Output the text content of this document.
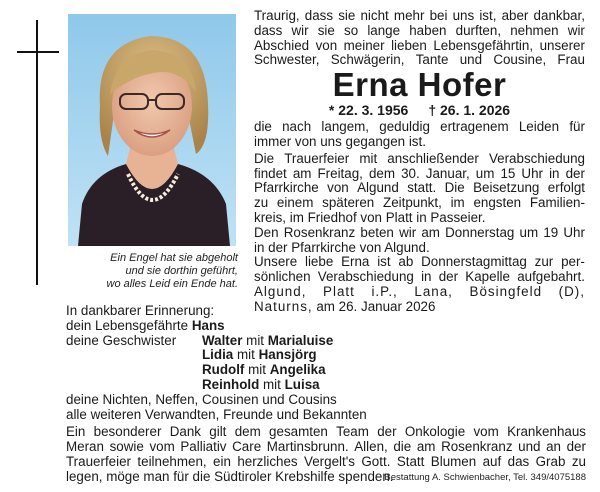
Ein Engel hat sie abgeholt
und sie dorthin geführt,
wo alles Leid ein Ende hat.
Traurig, dass sie nicht mehr bei uns ist, aber dankbar,
dass wir sie so lange haben durften, nehmen wir
Abschied von meiner lieben Lebensgefährtin, unserer
Schwester, Schwägerin, Tante und Cousine, Frau
Erna Hofer
* 22. 3. 1956 † 26. 1. 2026
die nach langem, geduldig ertragenem Leiden für
immer von uns gegangen ist.
Die Trauerfeier mit anschließender Verabschiedung
findet am Freitag, dem 30. Januar, um 15 Uhr in der
Pfarrkirche von Algund statt. Die Beisetzung erfolgt
zu einem späteren Zeitpunkt, im engsten Familien-
kreis, im Friedhof von Platt in Passeier.
Den Rosenkranz beten wir am Donnerstag um 19 Uhr
in der Pfarrkirche von Algund.
Unsere liebe Erna ist ab Donnerstagmittag zur per-
sönlichen Verabschiedung in der Kapelle aufgebahrt.
Algund, Platt i.P., Lana, Bösingfeld (D),
Naturns,
am 26. Januar 2026
In dankbarer Erinnerung:
dein Lebensgefährte
Hans
deine Geschwister	Walter
mit
Marialuise
Lidia
mit
Hansjörg
Rudolf
mit
Angelika
Reinhold
mit
Luisa
deine Nichten, Neffen, Cousinen und Cousins
alle weiteren Verwandten, Freunde und Bekannten
Ein besonderer Dank gilt dem gesamten Team der Onkologie vom Krankenhaus
Meran sowie vom Palliativ Care Martinsbrunn. Allen, die am Rosenkranz und an der
Trauerfeier teilnehmen, ein herzliches Vergelt's Gott. Statt Blumen auf das Grab zu
legen, möge man für die Südtiroler Krebshilfe spenden.
Bestattung A. Schwienbacher, Tel. 349/4075188
